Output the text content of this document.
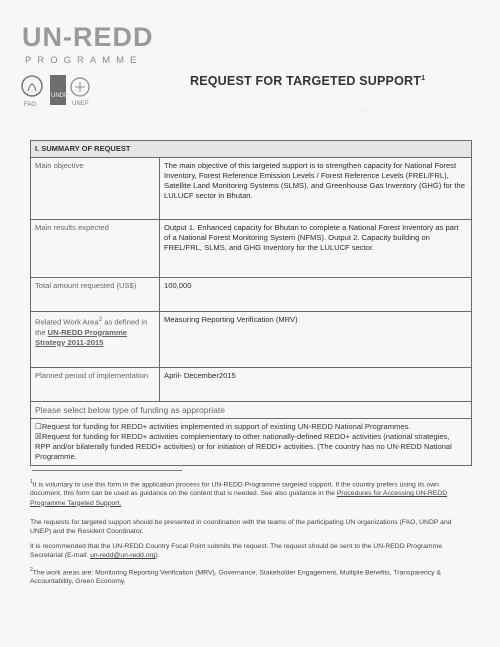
UN-REDD
PROGRAMME
FAO
UNDP
UNEP
REQUEST FOR TARGETED $SUPPORT^1$
· ·
I. SUMMARY OF REQUEST	
Main objective	The main objective of this targeted support is to strengthen capacity for National Forest Inventory, Forest Reference Emission Levels / Forest Reference Levels (FREL/FRL), Satellite Land Monitoring Systems (SLMS), and Greenhouse Gas Inventory (GHG) for the LULUCF sector in Bhutan.
Main results expected	Output 1. Enhanced capacity for Bhutan to complete a National Forest Inventory as part of a National Forest Monitoring System (NFMS). Output 2. Capacity building on FREL/FRL, SLMS, and GHG Inventory for the LULUCF sector.
Total amount requested (US$)	100,000
Related Work Area$^2$ as defined in the UN-REDD Programme Strategy 2011-2015	Measuring Reporting Verification (MRV)
Planned period of implementation	April- December2015
Please select below type of funding as appropriate	

☐Request for funding for REDD+ activities implemented in support of existing UN-REDD National Programmes.
☒Request for funding for REDD+ activities complementary to other nationally-defined REDD+ activities (national strategies, RPP and/or bilaterally funded REDD+ activities) or for initiation of REDD+ activities. (The country has no UN-REDD National Programme.	
$^1$It is voluntary to use this form in the application process for UN-REDD Programme targeted support. If the country prefers using its own document, this form can be used as guidance on the content that is needed. See also guidance in the Procedures for Accessing UN-REDD Programme Targeted Support.
The requests for targeted support should be presented in coordination with the teams of the participating UN organizations (FAO, UNDP and UNEP) and the Resident Coordinator.
It is recommended that the UN-REDD Country Focal Point submits the request. The request should be sent to the UN-REDD Programme Secretariat (E-mail: un-redd@un-redd.org).
$^2$The work areas are: Monitoring Reporting Verification (MRV), Governance, Stakeholder Engagement, Multiple Benefits, Transparency & Accountability, Green Economy.
